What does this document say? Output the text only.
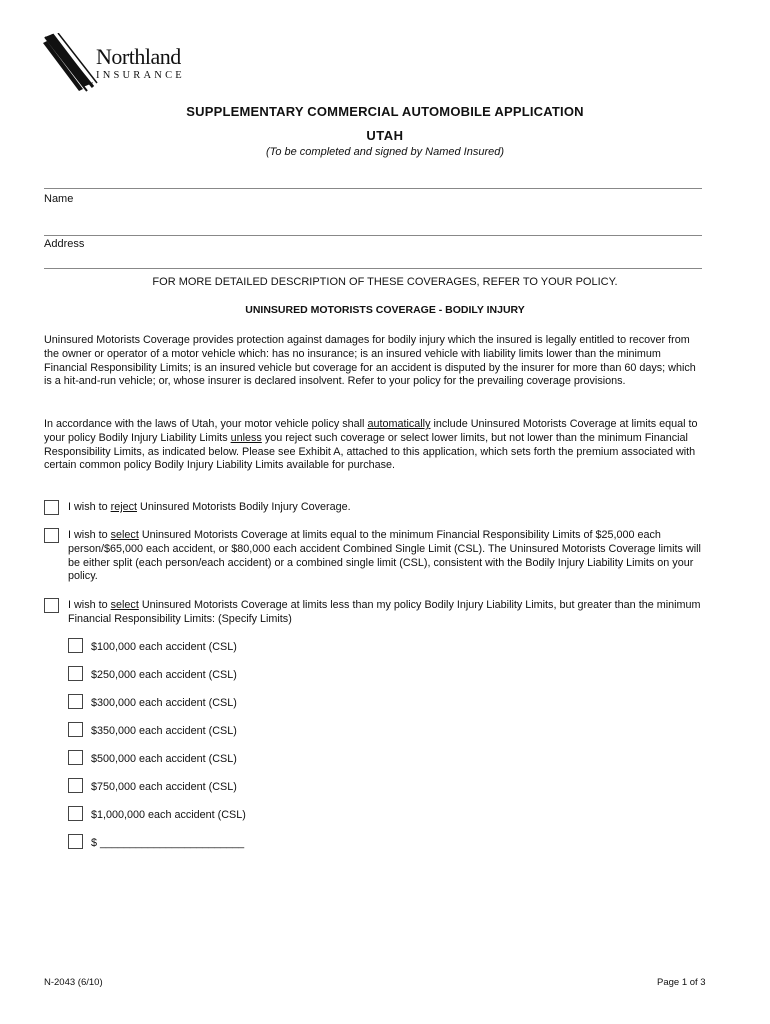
Northland
INSURANCE
SUPPLEMENTARY COMMERCIAL AUTOMOBILE APPLICATION
UTAH
(To be completed and signed by Named Insured)
Name
Address
FOR MORE DETAILED DESCRIPTION OF THESE COVERAGES, REFER TO YOUR POLICY.
UNINSURED MOTORISTS COVERAGE - BODILY INJURY
Uninsured Motorists Coverage provides protection against damages for bodily injury which the insured is legally entitled to recover from the owner or operator of a motor vehicle which: has no insurance; is an insured vehicle with liability limits lower than the minimum Financial Responsibility Limits; is an insured vehicle but coverage for an accident is disputed by the insurer for more than 60 days; which is a hit-and-run vehicle; or, whose insurer is declared insolvent. Refer to your policy for the prevailing coverage provisions.
In accordance with the laws of Utah, your motor vehicle policy shall automatically include Uninsured Motorists Coverage at limits equal to your policy Bodily Injury Liability Limits unless you reject such coverage or select lower limits, but not lower than the minimum Financial Responsibility Limits, as indicated below. Please see Exhibit A, attached to this application, which sets forth the premium associated with certain common policy Bodily Injury Liability Limits available for purchase.
I wish to reject Uninsured Motorists Bodily Injury Coverage.
I wish to select Uninsured Motorists Coverage at limits equal to the minimum Financial Responsibility Limits of $25,000 each person/$65,000 each accident, or $80,000 each accident Combined Single Limit (CSL). The Uninsured Motorists Coverage limits will be either split (each person/each accident) or a combined single limit (CSL), consistent with the Bodily Injury Liability Limits on your policy.
I wish to select Uninsured Motorists Coverage at limits less than my policy Bodily Injury Liability Limits, but greater than the minimum Financial Responsibility Limits: (Specify Limits)
$100,000 each accident (CSL)
$250,000 each accident (CSL)
$300,000 each accident (CSL)
$350,000 each accident (CSL)
$500,000 each accident (CSL)
$750,000 each accident (CSL)
$1,000,000 each accident (CSL)
$ ________________________
N-2043 (6/10)	Page 1 of 3
